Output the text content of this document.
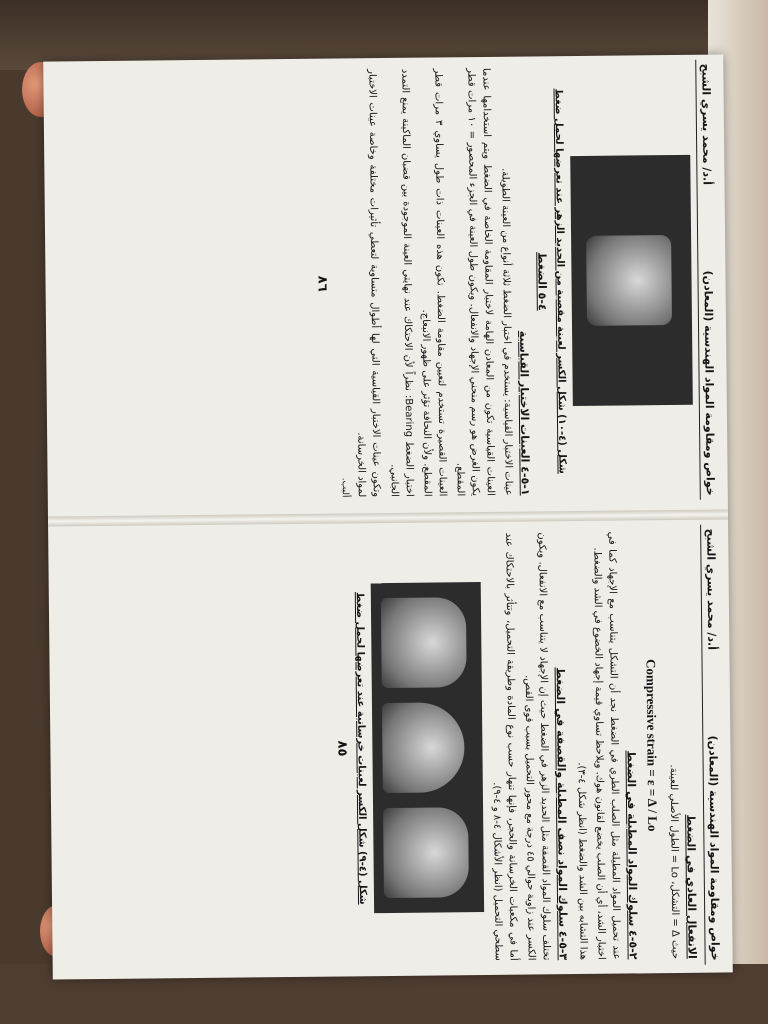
خواص ومقاومة المواد الهندسية (المعادن)
أ.د/ محمد يسري الشبح
شكل (٤-١٠) شكل الكسر لعينة مقصية من الحديد الزهر عند تعرضها لحمل ضغط
٤-٥ الضغط
١-٥-٤ العينات الاختبار القياسية

عينات الاختبار القياسية: يستخدم في اختبار الضغط ثلاثة أنواع من العينة الطويلة.

العينات القياسية تكون من المعادن الهامة لاختبار المقاومة الخاصة في الضغط ويتم استخدامها عندما يكون الغرض هو رسم منحني الإجهاد والانفعال. ويكون طول العينة في الجزء المحصور = ١٠ مرات قطر المقطع.

العينات القصيرة تستخدم لتعيين مقاومة الضغط. تكون هذه العينات ذات طول يساوي ٣ مرات قطر المقطع. ولأن النحافة تؤثر على ظهور الانبعاج.

اختبار الضغط Bearing: نظراً لأن الاحتكاك عند نهايتي العينة الموجودة بين قضبان الماكينة يمنع التمدد الجانبي.

وتكون عينات الاختبار القياسية التي لها أطوال متساوية لتعطي تأثيرات مختلفة وخاصة عينات الاختبار لمواد الخرسانة.

ألبب.

٨٦
خواص ومقاومة المواد الهندسية (المعادن)
أ.د/ محمد يسري الشبح
الانفعال العادي في الضغط

حيث Δ = التشكل، Lo = الطول الأصلي للعينة.

Compressive strain = ε = Δ / Lo
٢-٥-٤ سلوك المواد المطيلة في الضغط

عند تحميل المواد المطيلة مثل الصلب الطري في الضغط نجد أن التشكل يتناسب مع الإجهاد كما في اختبار الشد، أي أن الصلب يخضع لقانون هوك. ويلاحظ تساوي قيمة إجهاد الخضوع في الشد والضغط.

هذا التشابه بين الشد والضغط (انظر شكل ٤-٣).

٣-٥-٤ سلوك المواد نصف المطيلة والقصفة في الضغط

تختلف سلوك المواد القصفة مثل الحديد الزهر في الضغط حيث إن الإجهاد لا يتناسب مع الانفعال. ويكون الكسر عند زاوية حوالي ٤٥ درجة مع محور التحميل بسبب قوى القص.

أما في مكعبات الخرسانة والحجر، فإنها تنهار حسب نوع المادة وطريقة التحميل، وتتأثر بالاحتكاك عند سطحي التحميل (انظر الأشكال ٤-٨ و ٤-٩).

شكل (٤-٩) شكل الكسر لعينات خرسانية عند تعرضها لحمل ضغط
٨٥
